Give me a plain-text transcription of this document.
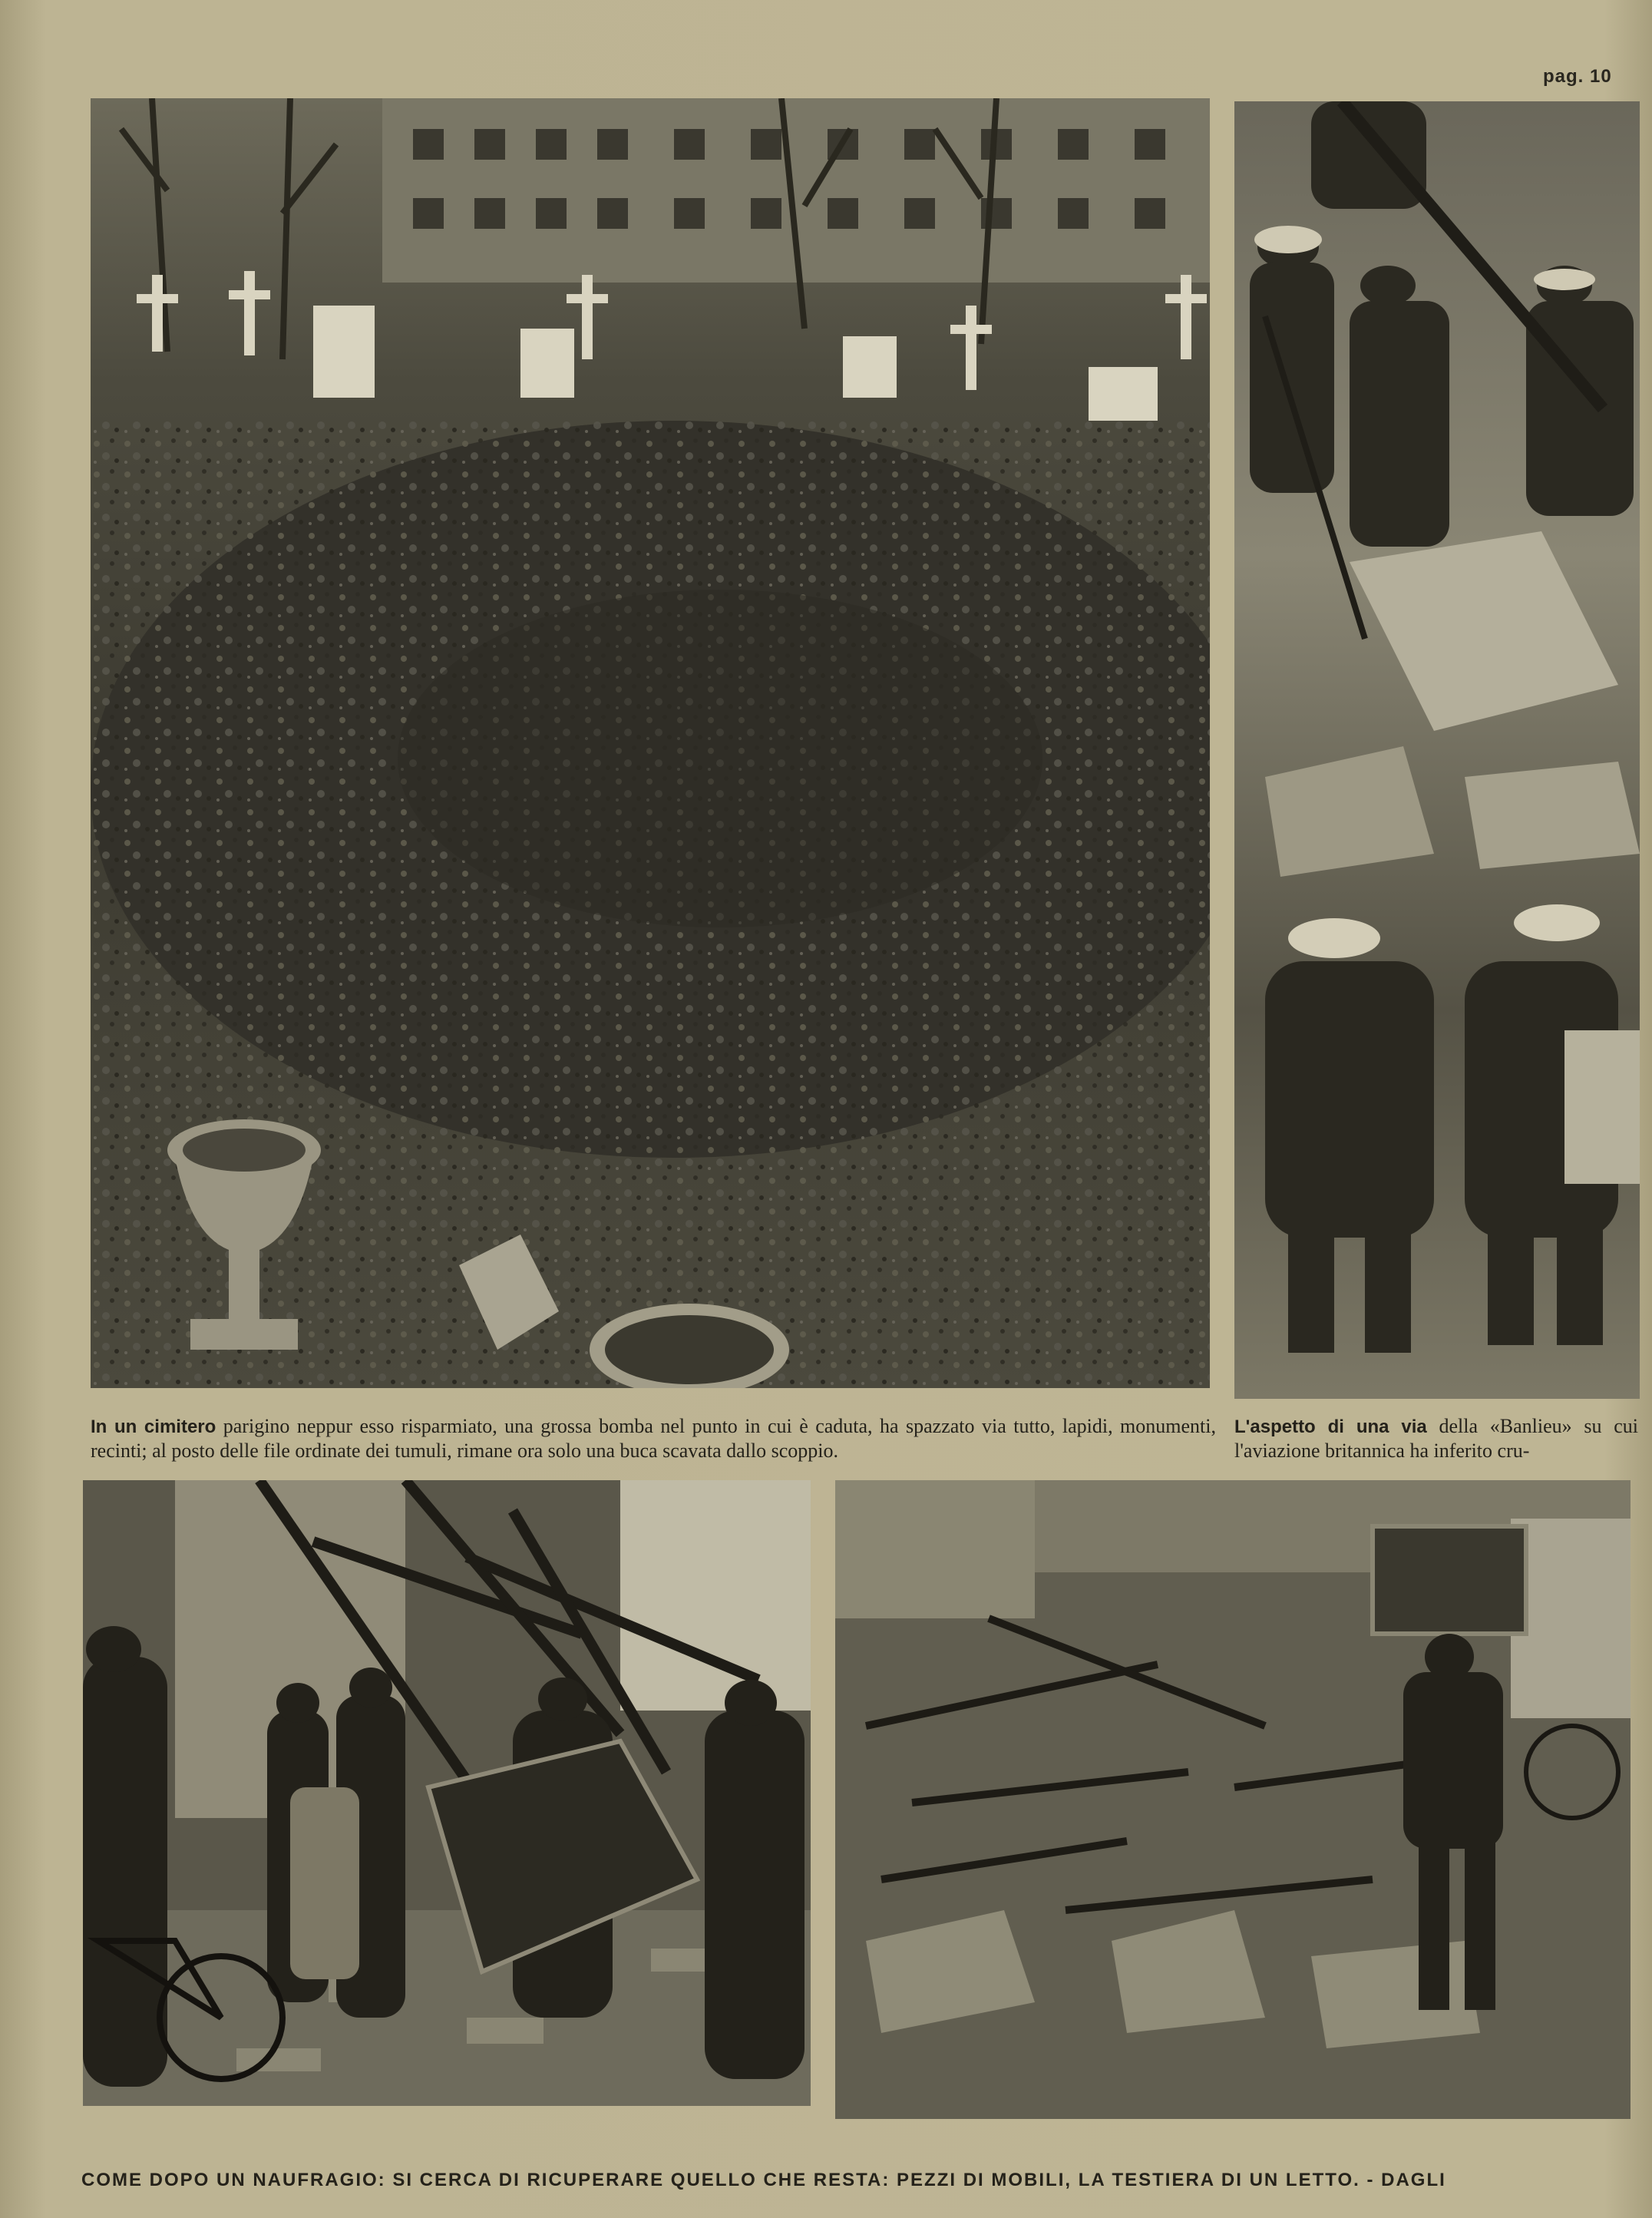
pag. 10
In un cimitero parigino neppur esso risparmiato, una grossa bomba nel punto in cui è caduta, ha spazzato via tutto, lapidi, monumenti, recinti; al posto delle file ordinate dei tumuli, rimane ora solo una buca scavata dallo scoppio.
L'aspetto di una via della «Banlieu» su cui l'aviazione britannica ha inferito cru-
COME DOPO UN NAUFRAGIO: SI CERCA DI RICUPERARE QUELLO CHE RESTA: PEZZI DI MOBILI, LA TESTIERA DI UN LETTO. - DAGLI
